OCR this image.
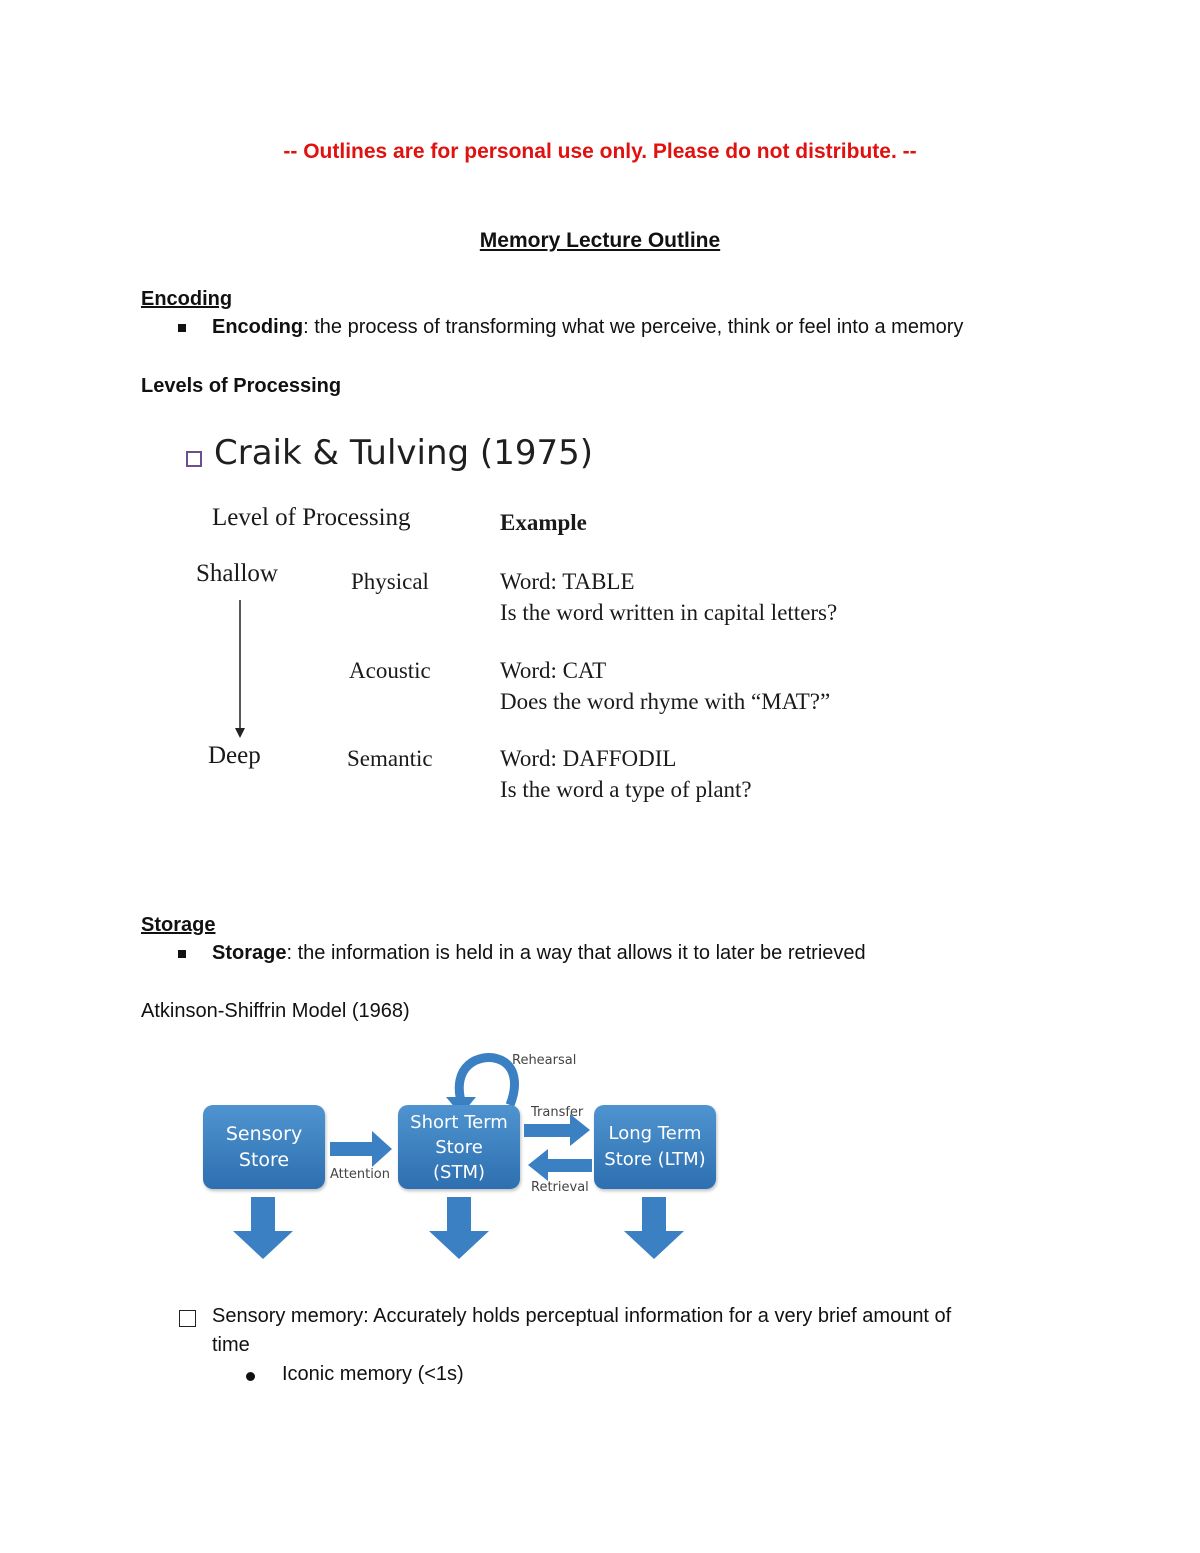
-- Outlines are for personal use only. Please do not distribute. --
Memory Lecture Outline
Encoding
Encoding: the process of transforming what we perceive, think or feel into a memory
Levels of Processing
Craik & Tulving (1975)
Level of Processing	Example
Shallow
Deep
Physical	Word: TABLE
Is the word written in capital letters?
Acoustic	Word: CAT
Does the word rhyme with “MAT?”
Semantic	Word: DAFFODIL
Is the word a type of plant?
Storage
Storage: the information is held in a way that allows it to later be retrieved
Atkinson-Shiffrin Model (1968)
Sensory
Store
Short Term
Store
(STM)
Long Term
Store (LTM)
Rehearsal
Attention
Transfer
Retrieval
Sensory memory: Accurately holds perceptual information for a very brief amount of
time
Iconic memory (<1s)
